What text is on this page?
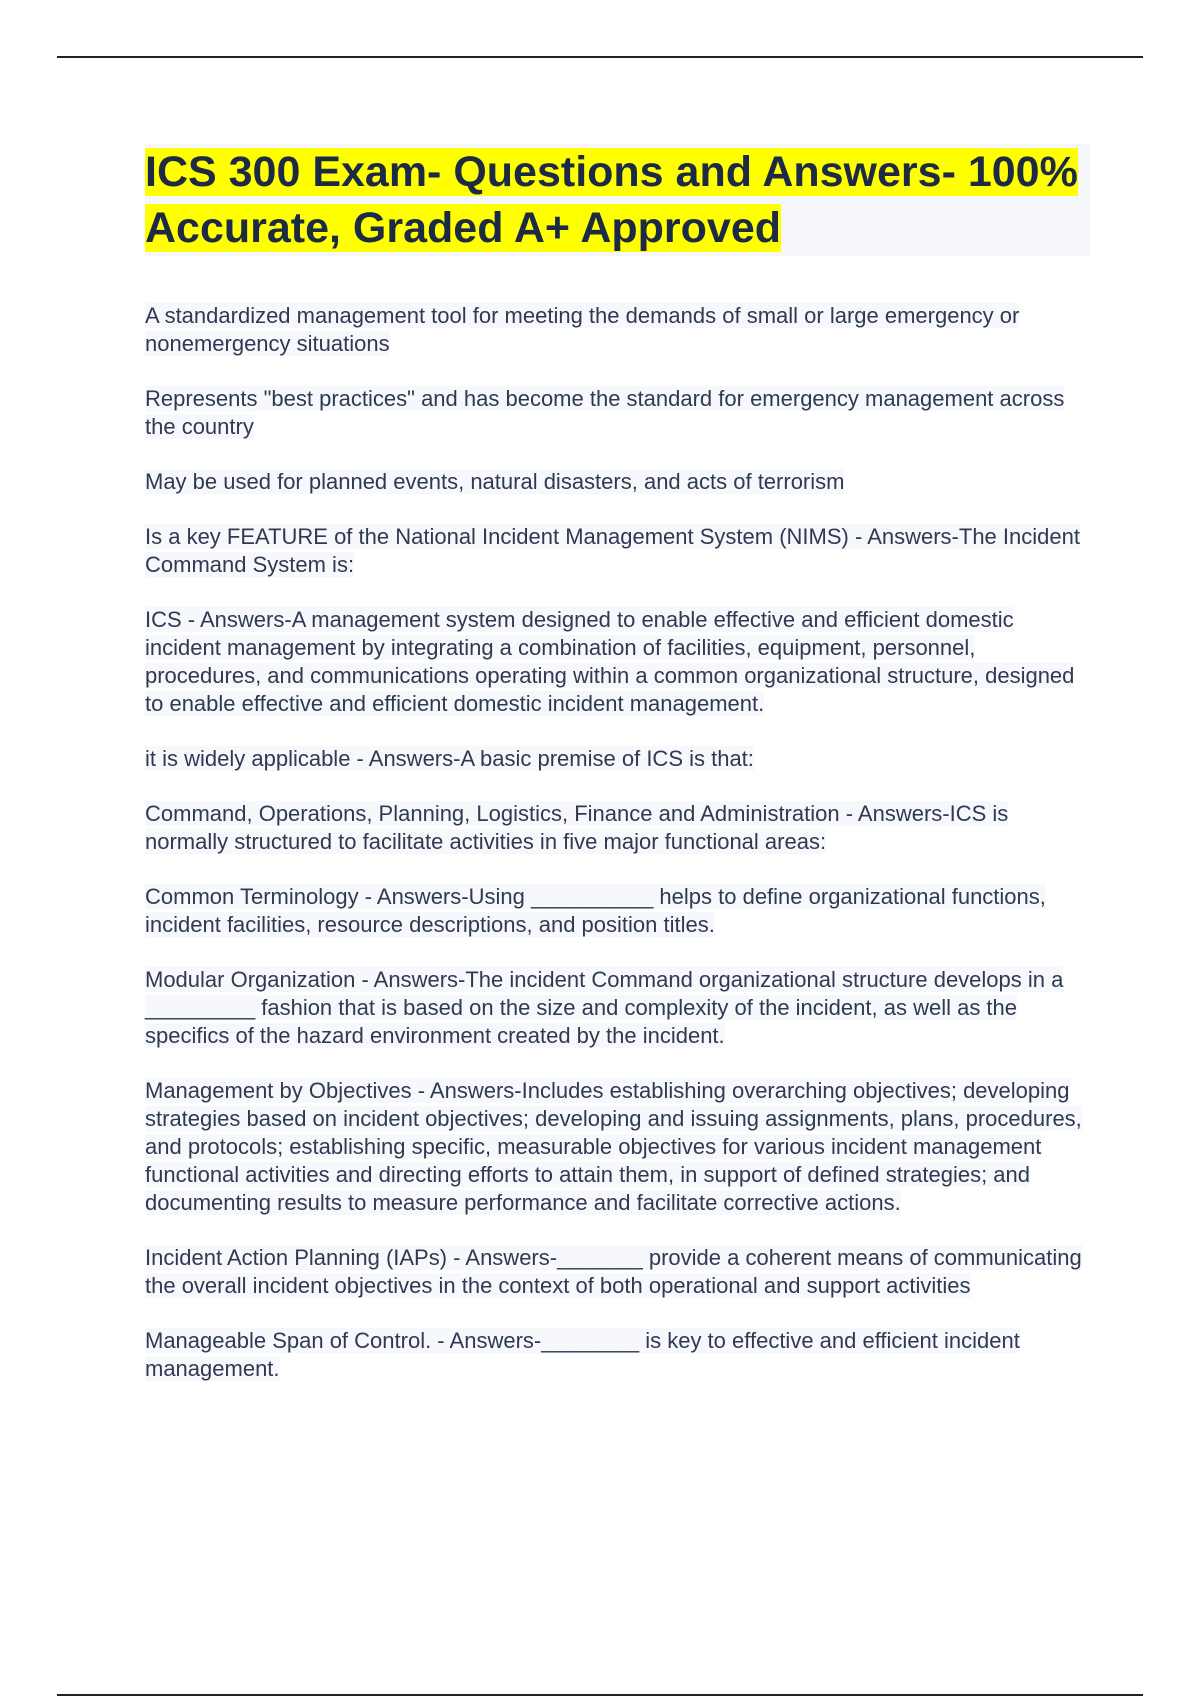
ICS 300 Exam- Questions and Answers- 100% Accurate, Graded A+ Approved

A standardized management tool for meeting the demands of small or large emergency or nonemergency situations

Represents "best practices" and has become the standard for emergency management across the country

May be used for planned events, natural disasters, and acts of terrorism

Is a key FEATURE of the National Incident Management System (NIMS) - Answers-The Incident Command System is:

ICS - Answers-A management system designed to enable effective and efficient domestic incident management by integrating a combination of facilities, equipment, personnel, procedures, and communications operating within a common organizational structure, designed to enable effective and efficient domestic incident management.

it is widely applicable - Answers-A basic premise of ICS is that:

Command, Operations, Planning, Logistics, Finance and Administration - Answers-ICS is normally structured to facilitate activities in five major functional areas:

Common Terminology - Answers-Using __________ helps to define organizational functions, incident facilities, resource descriptions, and position titles.

Modular Organization - Answers-The incident Command organizational structure develops in a _________ fashion that is based on the size and complexity of the incident, as well as the specifics of the hazard environment created by the incident.

Management by Objectives - Answers-Includes establishing overarching objectives; developing strategies based on incident objectives; developing and issuing assignments, plans, procedures, and protocols; establishing specific, measurable objectives for various incident management functional activities and directing efforts to attain them, in support of defined strategies; and documenting results to measure performance and facilitate corrective actions.

Incident Action Planning (IAPs) - Answers-_______ provide a coherent means of communicating the overall incident objectives in the context of both operational and support activities

Manageable Span of Control. - Answers-________ is key to effective and efficient incident management.
